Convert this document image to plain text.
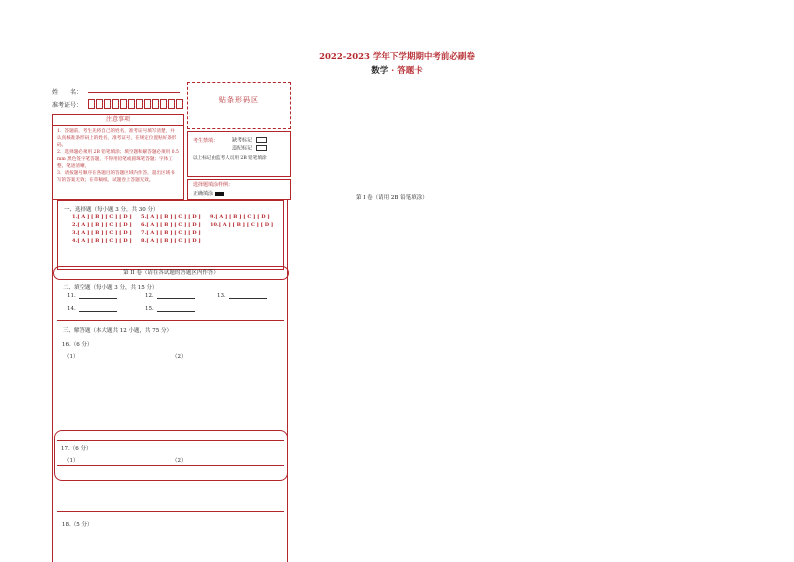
2022-2023 学年下学期期中考前必刷卷
数学 · 答题卡
姓　　名：
准考证号：
贴条形码区
注意事项
1．答题前，考生先将自己的姓名，准考证号填写清楚，并认真核准条形码上的姓名、准考证号，在规定位置贴好条形码。
2．选择题必须用 2B 铅笔填涂；填空题和解答题必须用 0.5 mm 黑色签字笔答题，不得用铅笔或圆珠笔答题；字体工整、笔迹清晰。
3．请按题号顺序在各题目的答题区域内作答，超出区域书写的答案无效；在草稿纸、试题卷上答题无效。
考生禁填：	缺考标记
违纪标记
以上标记由监考人员用 2B 铅笔填涂
选择题填涂样例：
正确填涂
第 I 卷（请用 2B 铅笔填涂）
一、选择题（每小题 3 分，共 30 分）
1.[ A ] [ B ] [ C ] [ D ]	5.[ A ] [ B ] [ C ] [ D ]	9.[ A ] [ B ] [ C ] [ D ]
2.[ A ] [ B ] [ C ] [ D ]	6.[ A ] [ B ] [ C ] [ D ]	10.[ A ] [ B ] [ C ] [ D ]
3.[ A ] [ B ] [ C ] [ D ]	7.[ A ] [ B ] [ C ] [ D ]
4.[ A ] [ B ] [ C ] [ D ]	8.[ A ] [ B ] [ C ] [ D ]
第 II 卷（请在各试题的答题区内作答）
二、填空题（每小题 3 分，共 15 分）
11.	12.	13.
14.	15.
三、解答题（本大题共 12 小题，共 75 分）
16.（6 分）
（1）	（2）
17.（6 分）
（1）	（2）
18.（5 分）
